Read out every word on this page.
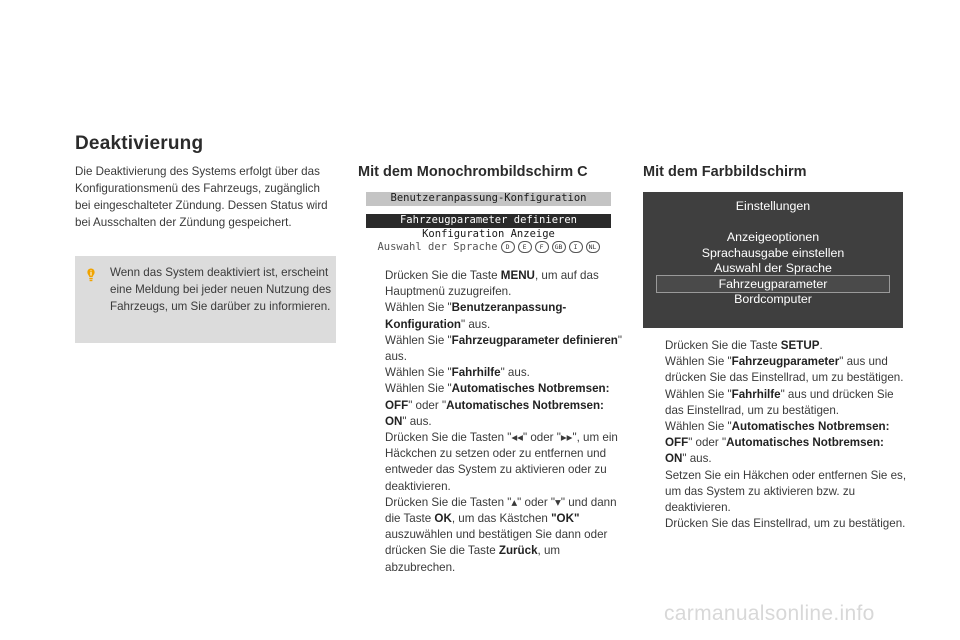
Deaktivierung

Die Deaktivierung des Systems erfolgt über das Konfigurationsmenü des Fahrzeugs, zugänglich bei eingeschalteter Zündung. Dessen Status wird bei Ausschalten der Zündung gespeichert.

Wenn das System deaktiviert ist, erscheint eine Meldung bei jeder neuen Nutzung des Fahrzeugs, um Sie darüber zu informieren.

Mit dem Monochrombildschirm C
Benutzeranpassung-Konfiguration
Fahrzeugparameter definieren
Konfiguration Anzeige
Auswahl der Sprache D E F GB I NL
Drücken Sie die Taste MENU, um auf das Hauptmenü zuzugreifen.
Wählen Sie "Benutzeranpassung-Konfiguration" aus.
Wählen Sie "Fahrzeugparameter definieren" aus.
Wählen Sie "Fahrhilfe" aus.
Wählen Sie "Automatisches Notbremsen: OFF" oder "Automatisches Notbremsen: ON" aus.
Drücken Sie die Tasten "◂◂" oder "▸▸", um ein Häckchen zu setzen oder zu entfernen und entweder das System zu aktivieren oder zu deaktivieren.
Drücken Sie die Tasten "▴" oder "▾" und dann die Taste OK, um das Kästchen "OK" auszuwählen und bestätigen Sie dann oder drücken Sie die Taste Zurück, um abzubrechen.
Mit dem Farbbildschirm
Einstellungen
Anzeigeoptionen
Sprachausgabe einstellen
Auswahl der Sprache
Fahrzeugparameter
Bordcomputer
Drücken Sie die Taste SETUP.
Wählen Sie "Fahrzeugparameter" aus und drücken Sie das Einstellrad, um zu bestätigen.
Wählen Sie "Fahrhilfe" aus und drücken Sie das Einstellrad, um zu bestätigen.
Wählen Sie "Automatisches Notbremsen: OFF" oder "Automatisches Notbremsen: ON" aus.
Setzen Sie ein Häkchen oder entfernen Sie es, um das System zu aktivieren bzw. zu deaktivieren.
Drücken Sie das Einstellrad, um zu bestätigen.

carmanualsonline.info
